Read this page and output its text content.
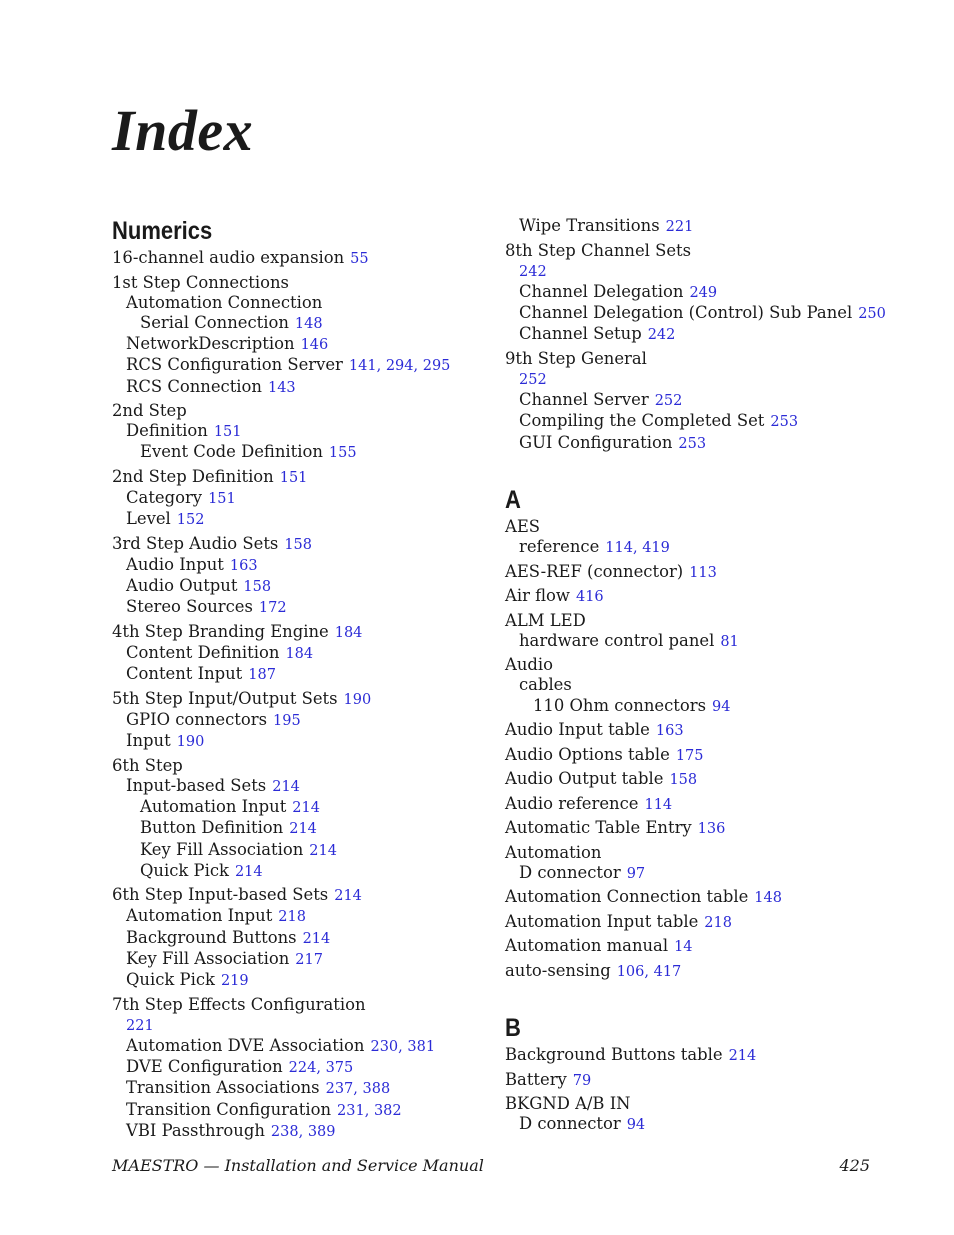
Index
Numerics
16-channel audio expansion 55
1st Step Connections
Automation Connection
Serial Connection 148
NetworkDescription 146
RCS Configuration Server 141, 294, 295
RCS Connection 143
2nd Step
Definition 151
Event Code Definition 155
2nd Step Definition 151
Category 151
Level 152
3rd Step Audio Sets 158
Audio Input 163
Audio Output 158
Stereo Sources 172
4th Step Branding Engine 184
Content Definition 184
Content Input 187
5th Step Input/Output Sets 190
GPIO connectors 195
Input 190
6th Step
Input-based Sets 214
Automation Input 214
Button Definition 214
Key Fill Association 214
Quick Pick 214
6th Step Input-based Sets 214
Automation Input 218
Background Buttons 214
Key Fill Association 217
Quick Pick 219
7th Step Effects Configuration
221
Automation DVE Association 230, 381
DVE Configuration 224, 375
Transition Associations 237, 388
Transition Configuration 231, 382
VBI Passthrough 238, 389
Wipe Transitions 221
8th Step Channel Sets
242
Channel Delegation 249
Channel Delegation (Control) Sub Panel 250
Channel Setup 242
9th Step General
252
Channel Server 252
Compiling the Completed Set 253
GUI Configuration 253
A
AES
reference 114, 419
AES-REF (connector) 113
Air flow 416
ALM LED
hardware control panel 81
Audio
cables
110 Ohm connectors 94
Audio Input table 163
Audio Options table 175
Audio Output table 158
Audio reference 114
Automatic Table Entry 136
Automation
D connector 97
Automation Connection table 148
Automation Input table 218
Automation manual 14
auto-sensing 106, 417
B
Background Buttons table 214
Battery 79
BKGND A/B IN
D connector 94
MAESTRO — Installation and Service Manual	425
